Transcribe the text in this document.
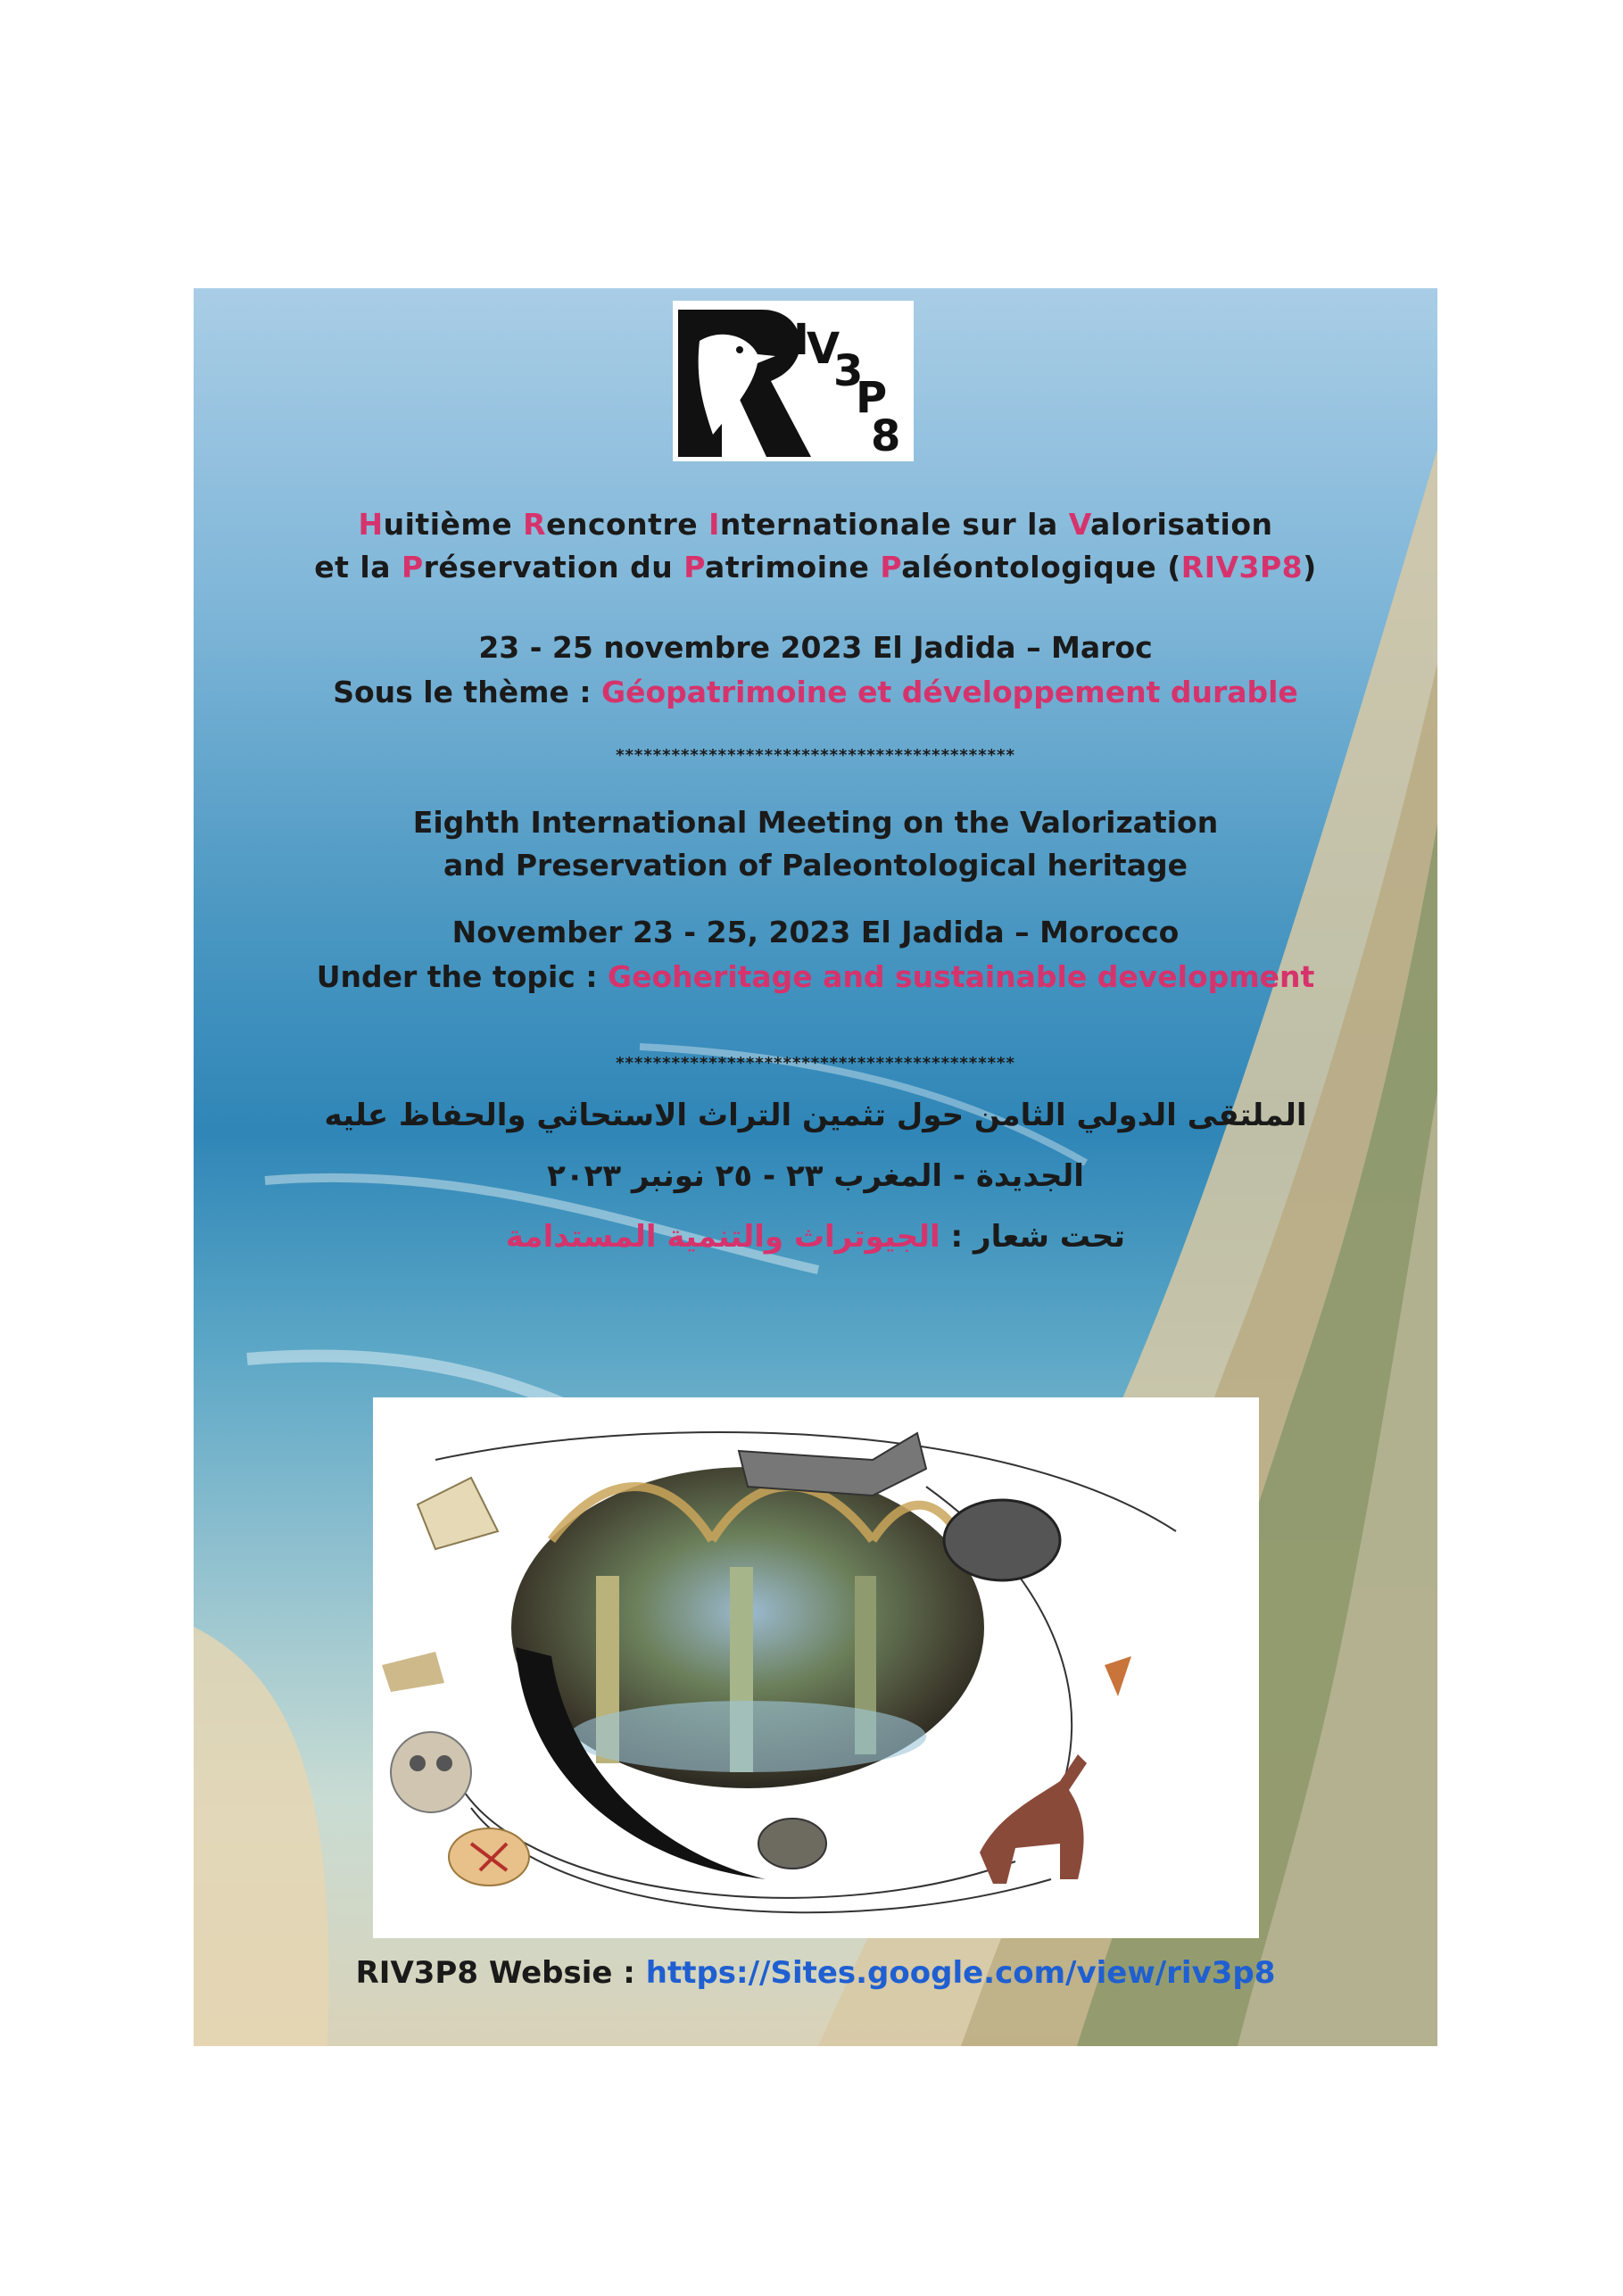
I
V
3
P
8
Huitième Rencontre Internationale sur la Valorisation
et la Préservation du Patrimoine Paléontologique (RIV3P8)
23 - 25 novembre 2023 El Jadida – Maroc
Sous le thème : Géopatrimoine et développement durable
*******************************************
Eighth International Meeting on the Valorization
and Preservation of Paleontological heritage
November 23 - 25, 2023 El Jadida – Morocco
Under the topic : Geoheritage and sustainable development
*******************************************
الملتقى الدولي الثامن حول تثمين التراث الاستحاثي والحفاظ عليه
الجديدة - المغرب ٢٣ - ٢٥ نونبر ٢٠٢٣
تحت شعار : الجيوتراث والتنمية المستدامة
RIV3P8 Websie : https://Sites.google.com/view/riv3p8
